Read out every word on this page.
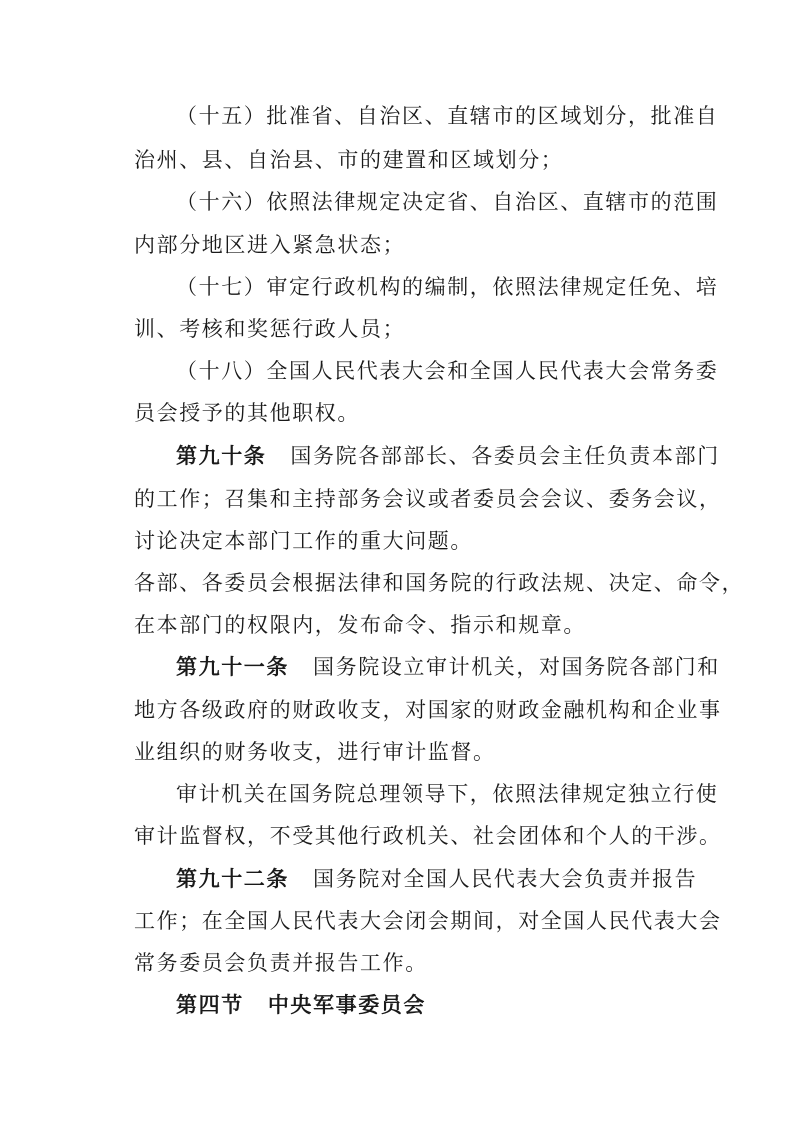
（十五）批准省、自治区、直辖市的区域划分，批准自
治州、县、自治县、市的建置和区域划分；
（十六）依照法律规定决定省、自治区、直辖市的范围
内部分地区进入紧急状态；
（十七）审定行政机构的编制，依照法律规定任免、培
训、考核和奖惩行政人员；
（十八）全国人民代表大会和全国人民代表大会常务委
员会授予的其他职权。
第九十条 国务院各部部长、各委员会主任负责本部门
的工作；召集和主持部务会议或者委员会会议、委务会议，
讨论决定本部门工作的重大问题。
各部、各委员会根据法律和国务院的行政法规、决定、命令，
在本部门的权限内，发布命令、指示和规章。
第九十一条 国务院设立审计机关，对国务院各部门和
地方各级政府的财政收支，对国家的财政金融机构和企业事
业组织的财务收支，进行审计监督。
审计机关在国务院总理领导下，依照法律规定独立行使
审计监督权，不受其他行政机关、社会团体和个人的干涉。
第九十二条 国务院对全国人民代表大会负责并报告
工作；在全国人民代表大会闭会期间，对全国人民代表大会
常务委员会负责并报告工作。
第四节 中央军事委员会
